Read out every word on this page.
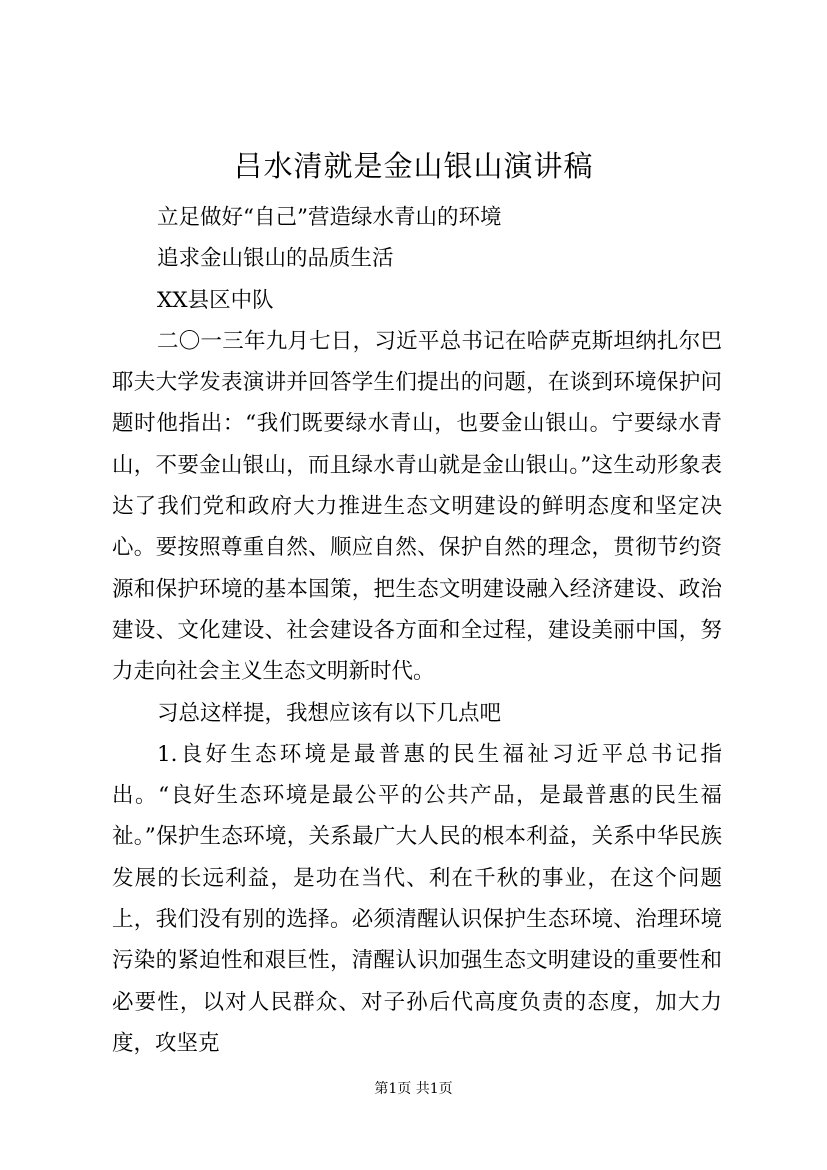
吕水清就是金山银山演讲稿

立足做好“自己”营造绿水青山的环境

追求金山银山的品质生活

XX县区中队

二〇一三年九月七日，习近平总书记在哈萨克斯坦纳扎尔巴耶夫大学发表演讲并回答学生们提出的问题，在谈到环境保护问题时他指出：“我们既要绿水青山，也要金山银山。宁要绿水青山，不要金山银山，而且绿水青山就是金山银山。”这生动形象表达了我们党和政府大力推进生态文明建设的鲜明态度和坚定决心。要按照尊重自然、顺应自然、保护自然的理念，贯彻节约资源和保护环境的基本国策，把生态文明建设融入经济建设、政治建设、文化建设、社会建设各方面和全过程，建设美丽中国，努力走向社会主义生态文明新时代。

习总这样提，我想应该有以下几点吧

1.良好生态环境是最普惠的民生福祉习近平总书记指出。“良好生态环境是最公平的公共产品，是最普惠的民生福祉。”保护生态环境，关系最广大人民的根本利益，关系中华民族发展的长远利益，是功在当代、利在千秋的事业，在这个问题上，我们没有别的选择。必须清醒认识保护生态环境、治理环境污染的紧迫性和艰巨性，清醒认识加强生态文明建设的重要性和必要性，以对人民群众、对子孙后代高度负责的态度，加大力度，攻坚克

第1页 共1页
